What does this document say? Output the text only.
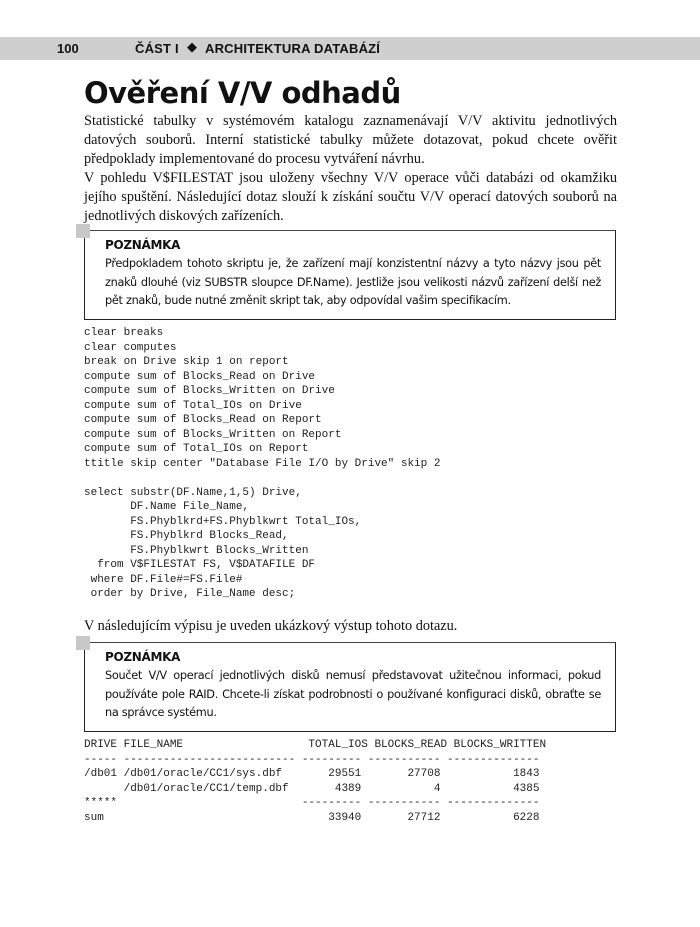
100	ČÁST I ◆ ARCHITEKTURA DATABÁZÍ
Ověření V/V odhadů

Statistické tabulky v systémovém katalogu zaznamenávají V/V aktivitu jednotlivých datových souborů. Interní statistické tabulky můžete dotazovat, pokud chcete ověřit předpoklady implementované do procesu vytváření návrhu.

V pohledu V$FILESTAT jsou uloženy všechny V/V operace vůči databázi od okamžiku jejího spuštění. Následující dotaz slouží k získání součtu V/V operací datových souborů na jednotlivých diskových zařízeních.

POZNÁMKA
Předpokladem tohoto skriptu je, že zařízení mají konzistentní názvy a tyto názvy jsou pět znaků dlouhé (viz SUBSTR sloupce DF.Name). Jestliže jsou velikosti názvů zařízení delší než pět znaků, bude nutné změnit skript tak, aby odpovídal vašim specifikacím.
clear breaks
clear computes
break on Drive skip 1 on report
compute sum of Blocks_Read on Drive
compute sum of Blocks_Written on Drive
compute sum of Total_IOs on Drive
compute sum of Blocks_Read on Report
compute sum of Blocks_Written on Report
compute sum of Total_IOs on Report
ttitle skip center "Database File I/O by Drive" skip 2

select substr(DF.Name,1,5) Drive,
DF.Name File_Name,
FS.Phyblkrd+FS.Phyblkwrt Total_IOs,
FS.Phyblkrd Blocks_Read,
FS.Phyblkwrt Blocks_Written
from V$FILESTAT FS, V$DATAFILE DF
where DF.File#=FS.File#
order by Drive, File_Name desc;

V následujícím výpisu je uveden ukázkový výstup tohoto dotazu.

POZNÁMKA
Součet V/V operací jednotlivých disků nemusí představovat užitečnou informaci, pokud používáte pole RAID. Chcete-li získat podrobnosti o používané konfiguraci disků, obraťte se na správce systému.
DRIVE FILE_NAME                   TOTAL_IOS BLOCKS_READ BLOCKS_WRITTEN
----- -------------------------- --------- ----------- --------------
/db01 /db01/oracle/CC1/sys.dbf       29551       27708           1843
/db01/oracle/CC1/temp.dbf       4389           4           4385
*****                            --------- ----------- --------------
sum                                  33940       27712           6228
